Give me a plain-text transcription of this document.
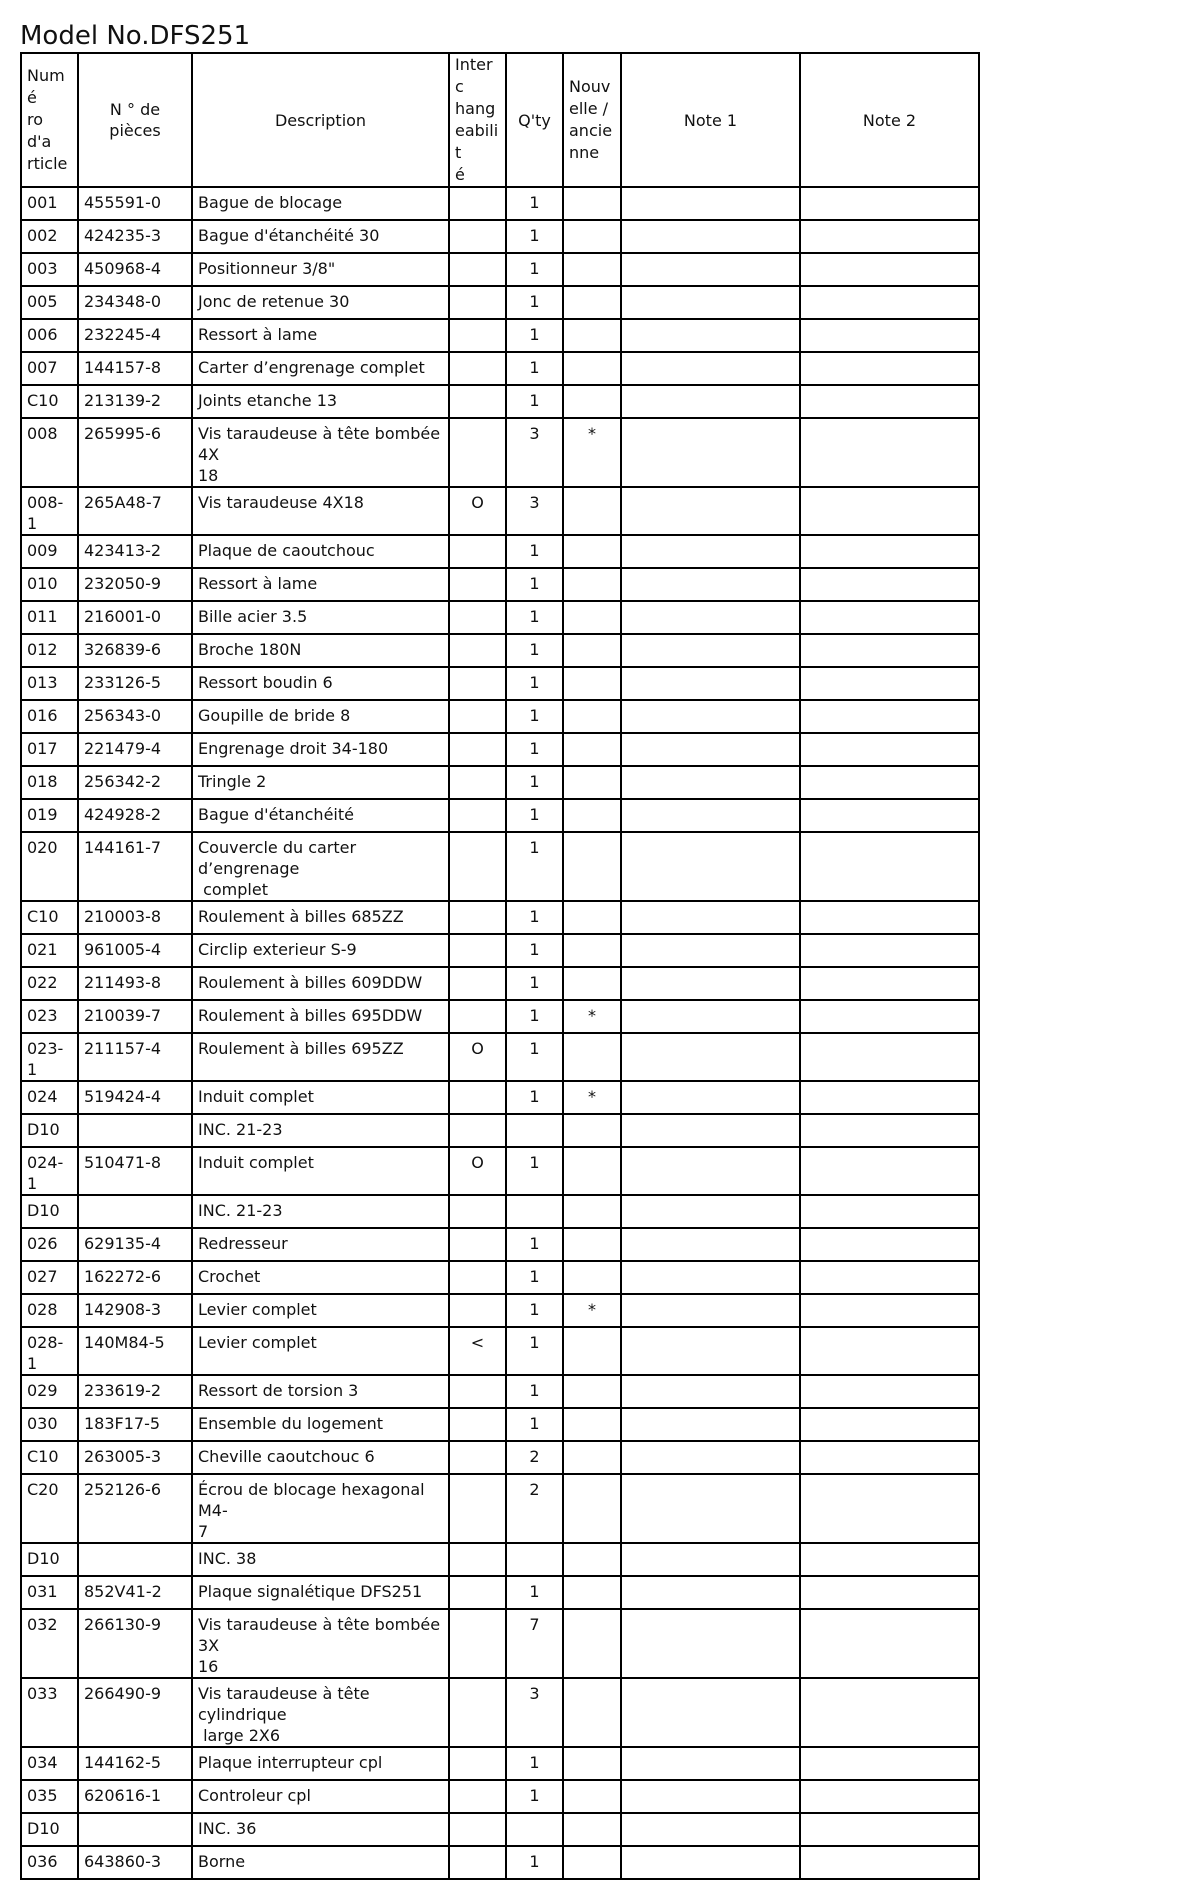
Model No.DFS251
Numé
ro d'a
rticle	N ° de pièces	Description	Interc
hang
eabilit
é	Q'ty	Nouv
elle /
ancie
nne	Note 1	Note 2
001	455591-0	Bague de blocage		1			
002	424235-3	Bague d'étanchéité 30		1			
003	450968-4	Positionneur 3/8"		1			
005	234348-0	Jonc de retenue 30		1			
006	232245-4	Ressort à lame		1			
007	144157-8	Carter d’engrenage complet		1			
C10	213139-2	Joints etanche 13		1			
008	265995-6	Vis taraudeuse à tête bombée 4X
18		3	*		
008-1	265A48-7	Vis taraudeuse 4X18	O	3			
009	423413-2	Plaque de caoutchouc		1			
010	232050-9	Ressort à lame		1			
011	216001-0	Bille acier 3.5		1			
012	326839-6	Broche 180N		1			
013	233126-5	Ressort boudin 6		1			
016	256343-0	Goupille de bride 8		1			
017	221479-4	Engrenage droit 34-180		1			
018	256342-2	Tringle 2		1			
019	424928-2	Bague d'étanchéité		1			
020	144161-7	Couvercle du carter d’engrenage
complet		1			
C10	210003-8	Roulement à billes 685ZZ		1			
021	961005-4	Circlip exterieur S-9		1			
022	211493-8	Roulement à billes 609DDW		1			
023	210039-7	Roulement à billes 695DDW		1	*		
023-1	211157-4	Roulement à billes 695ZZ	O	1			
024	519424-4	Induit complet		1	*		
D10		INC. 21-23					
024-1	510471-8	Induit complet	O	1			
D10		INC. 21-23					
026	629135-4	Redresseur		1			
027	162272-6	Crochet		1			
028	142908-3	Levier complet		1	*		
028-1	140M84-5	Levier complet	<	1			
029	233619-2	Ressort de torsion 3		1			
030	183F17-5	Ensemble du logement		1			
C10	263005-3	Cheville caoutchouc 6		2			
C20	252126-6	Écrou de blocage hexagonal M4-
7		2			
D10		INC. 38					
031	852V41-2	Plaque signalétique DFS251		1			
032	266130-9	Vis taraudeuse à tête bombée 3X
16		7			
033	266490-9	Vis taraudeuse à tête cylindrique
large 2X6		3			
034	144162-5	Plaque interrupteur cpl		1			
035	620616-1	Controleur cpl		1			
D10		INC. 36					
036	643860-3	Borne		1			
